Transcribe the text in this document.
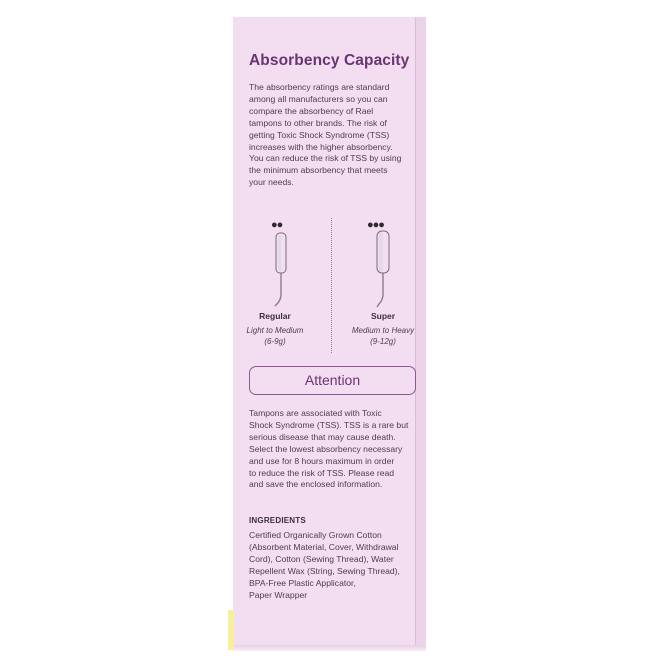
Absorbency Capacity
The absorbency ratings are standard
among all manufacturers so you can
compare the absorbency of Rael
tampons to other brands. The risk of
getting Toxic Shock Syndrome (TSS)
increases with the higher absorbency.
You can reduce the risk of TSS by using
the minimum absorbency that meets
your needs.
●●
Regular
Light to Medium
(6-9g)
●●●
Super
Medium to Heavy
(9-12g)
Attention
Tampons are associated with Toxic
Shock Syndrome (TSS). TSS is a rare but
serious disease that may cause death.
Select the lowest absorbency necessary
and use for 8 hours maximum in order
to reduce the risk of TSS. Please read
and save the enclosed information.
INGREDIENTS
Certified Organically Grown Cotton
(Absorbent Material, Cover, Withdrawal
Cord), Cotton (Sewing Thread), Water
Repellent Wax (String, Sewing Thread),
BPA-Free Plastic Applicator,
Paper Wrapper
